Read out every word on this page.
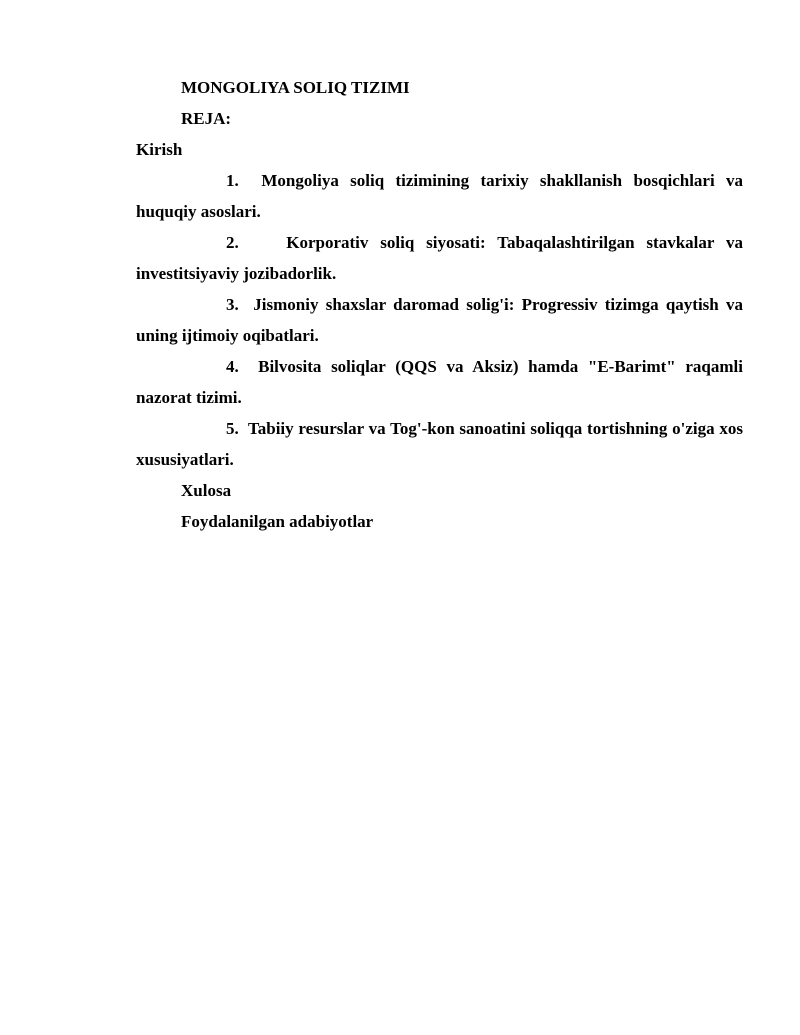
MONGOLIYA SOLIQ TIZIMI
REJA:
Kirish
1. Mongoliya soliq tizimining tarixiy shakllanish bosqichlari va huquqiy asoslari.
2.	Korporativ soliq siyosati: Tabaqalashtirilgan stavkalar va investitsiyaviy jozibadorlik.
3. Jismoniy shaxslar daromad solig'i: Progressiv tizimga qaytish va uning ijtimoiy oqibatlari.
4. Bilvosita soliqlar (QQS va Aksiz) hamda "E-Barimt" raqamli nazorat tizimi.
5. Tabiiy resurslar va Tog'-kon sanoatini soliqqa tortishning o'ziga xos xususiyatlari.
Xulosa
Foydalanilgan adabiyotlar
